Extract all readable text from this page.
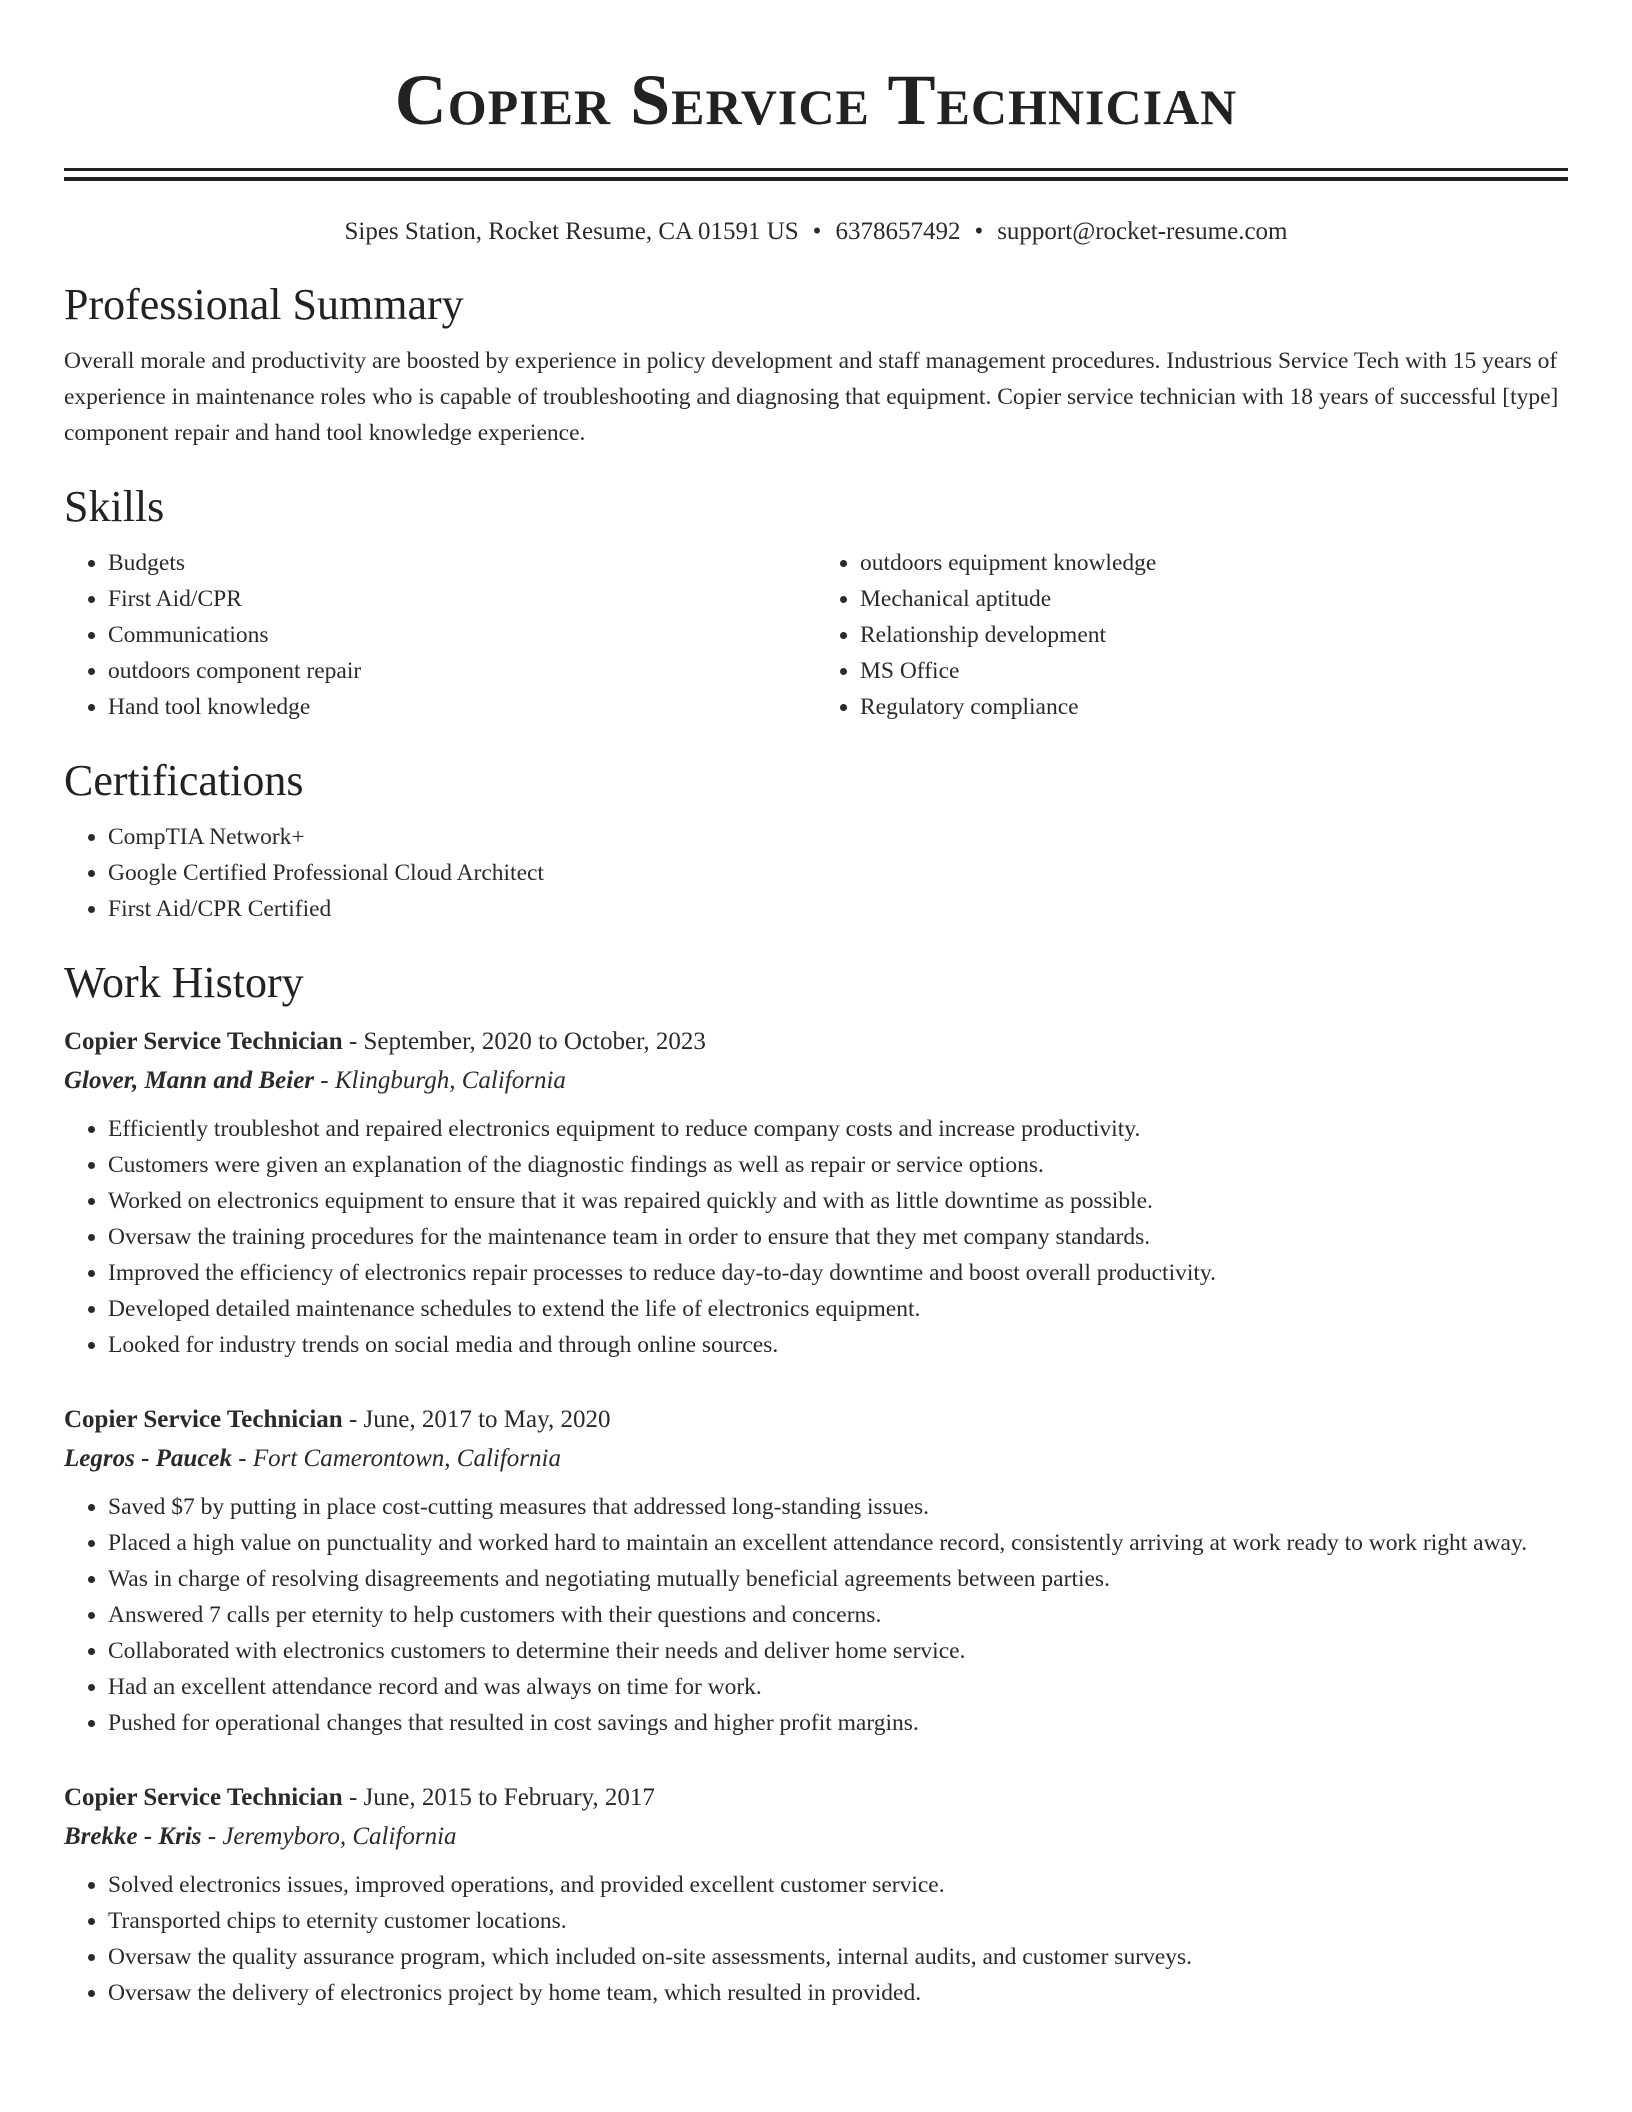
Copier Service Technician
Sipes Station, Rocket Resume, CA 01591 US • 6378657492 • support@rocket-resume.com
Professional Summary

Overall morale and productivity are boosted by experience in policy development and staff management procedures. Industrious Service Tech with 15 years of experience in maintenance roles who is capable of troubleshooting and diagnosing that equipment. Copier service technician with 18 years of successful [type] component repair and hand tool knowledge experience.

Skills
• Budgets
• First Aid/CPR
• Communications
• outdoors component repair
• Hand tool knowledge
• outdoors equipment knowledge
• Mechanical aptitude
• Relationship development
• MS Office
• Regulatory compliance
Certifications
• CompTIA Network+
• Google Certified Professional Cloud Architect
• First Aid/CPR Certified
Work History
Copier Service Technician - September, 2020 to October, 2023
Glover, Mann and Beier - Klingburgh, California
• Efficiently troubleshot and repaired electronics equipment to reduce company costs and increase productivity.
• Customers were given an explanation of the diagnostic findings as well as repair or service options.
• Worked on electronics equipment to ensure that it was repaired quickly and with as little downtime as possible.
• Oversaw the training procedures for the maintenance team in order to ensure that they met company standards.
• Improved the efficiency of electronics repair processes to reduce day-to-day downtime and boost overall productivity.
• Developed detailed maintenance schedules to extend the life of electronics equipment.
• Looked for industry trends on social media and through online sources.
Copier Service Technician - June, 2017 to May, 2020
Legros - Paucek - Fort Camerontown, California
• Saved $7 by putting in place cost-cutting measures that addressed long-standing issues.
• Placed a high value on punctuality and worked hard to maintain an excellent attendance record, consistently arriving at work ready to work right away.
• Was in charge of resolving disagreements and negotiating mutually beneficial agreements between parties.
• Answered 7 calls per eternity to help customers with their questions and concerns.
• Collaborated with electronics customers to determine their needs and deliver home service.
• Had an excellent attendance record and was always on time for work.
• Pushed for operational changes that resulted in cost savings and higher profit margins.
Copier Service Technician - June, 2015 to February, 2017
Brekke - Kris - Jeremyboro, California
• Solved electronics issues, improved operations, and provided excellent customer service.
• Transported chips to eternity customer locations.
• Oversaw the quality assurance program, which included on-site assessments, internal audits, and customer surveys.
• Oversaw the delivery of electronics project by home team, which resulted in provided.
